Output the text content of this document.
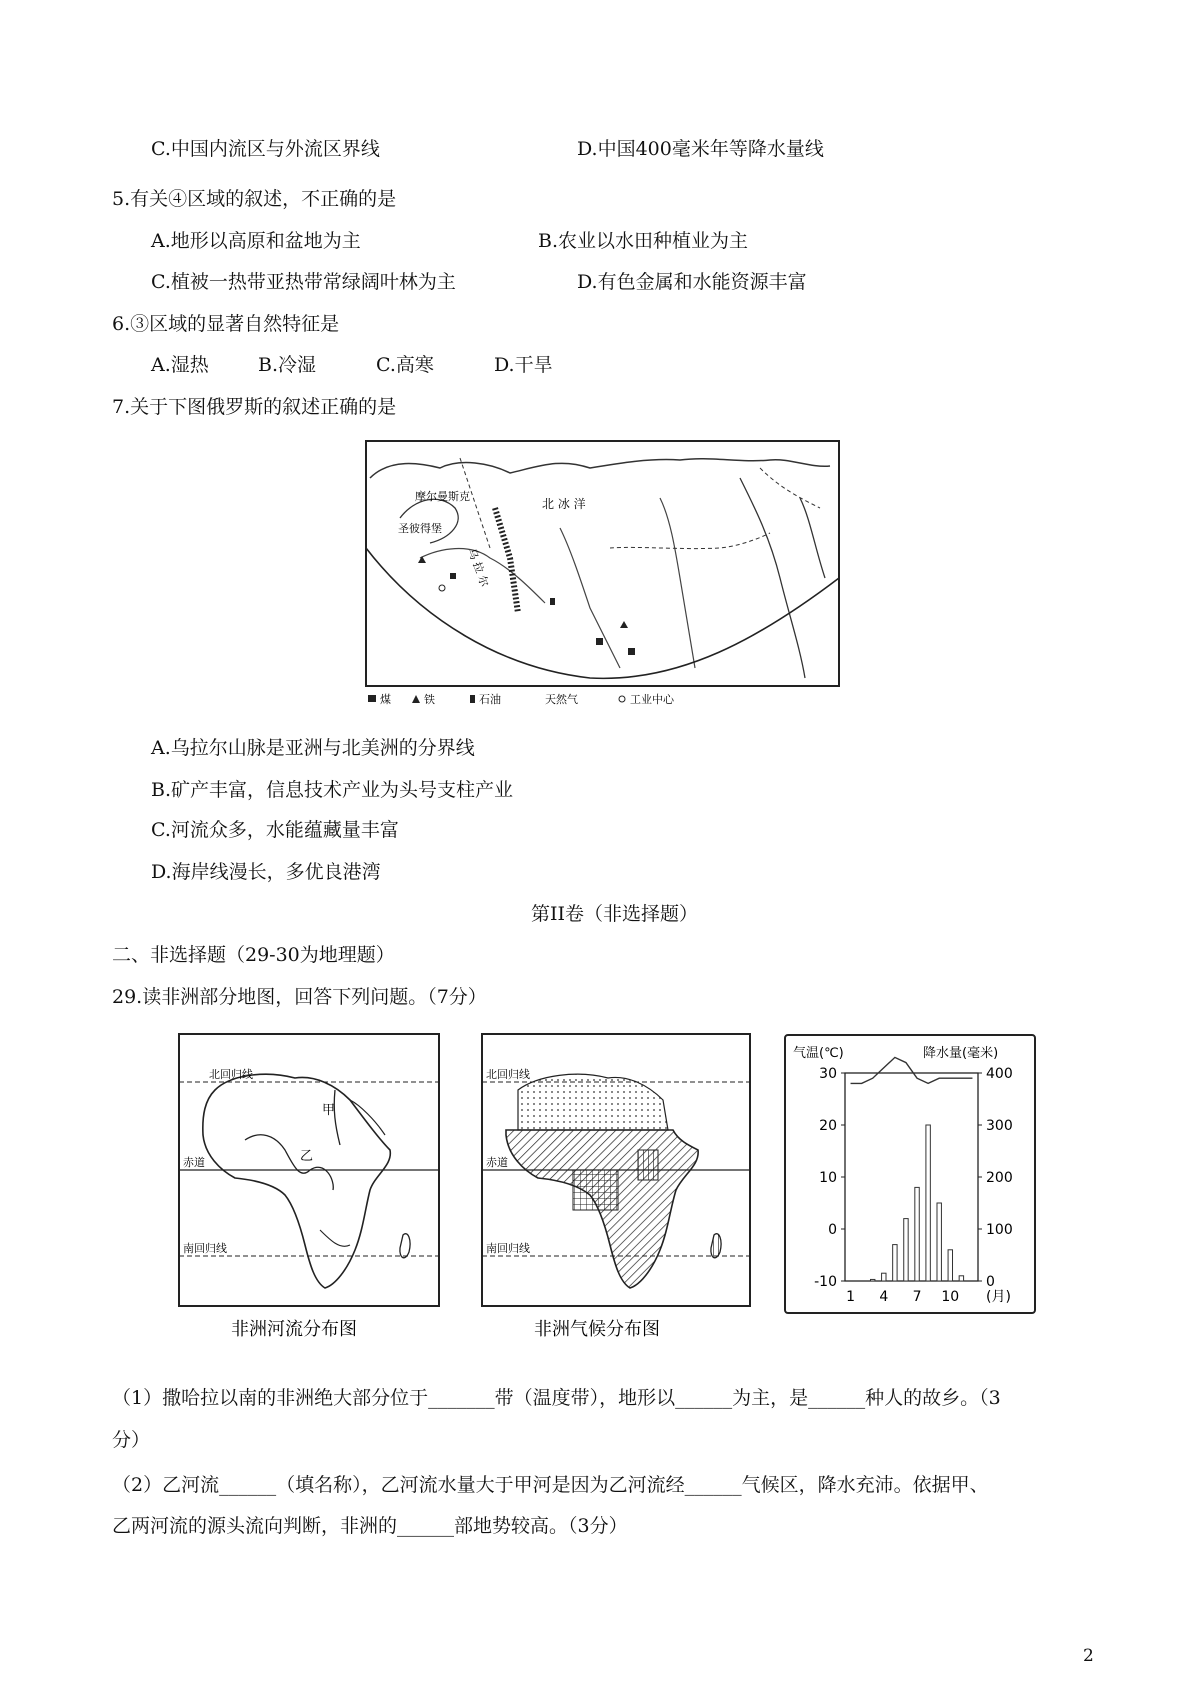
C.中国内流区与外流区界线	D.中国400毫米年等降水量线
5.有关④区域的叙述，不正确的是
A.地形以高原和盆地为主	B.农业以水田种植业为主
C.植被一热带亚热带常绿阔叶林为主	D.有色金属和水能资源丰富
6.③区域的显著自然特征是
A.湿热	B.冷湿	C.高寒	D.干旱
7.关于下图俄罗斯的叙述正确的是
摩尔曼斯克
圣彼得堡
北 冰 洋
乌 拉 尔
煤	铁	石油	天然气	工业中心
A.乌拉尔山脉是亚洲与北美洲的分界线
B.矿产丰富，信息技术产业为头号支柱产业
C.河流众多，水能蕴藏量丰富
D.海岸线漫长，多优良港湾
第II卷（非选择题）
二、非选择题（29-30为地理题）
29.读非洲部分地图，回答下列问题。（7分）
北回归线
赤道
南回归线
甲
乙
非洲河流分布图
北回归线
赤道
南回归线
非洲气候分布图
气温(℃)	降水量(毫米)
30
20
10
0
-10
400
300
200
100
0
1 4 7 10 (月)
（1）撒哈拉以南的非洲绝大部分位于_______带（温度带），地形以______为主，是______种人的故乡。（3
分）
（2）乙河流______（填名称），乙河流水量大于甲河是因为乙河流经______气候区，降水充沛。依据甲、
乙两河流的源头流向判断，非洲的______部地势较高。（3分）
2
